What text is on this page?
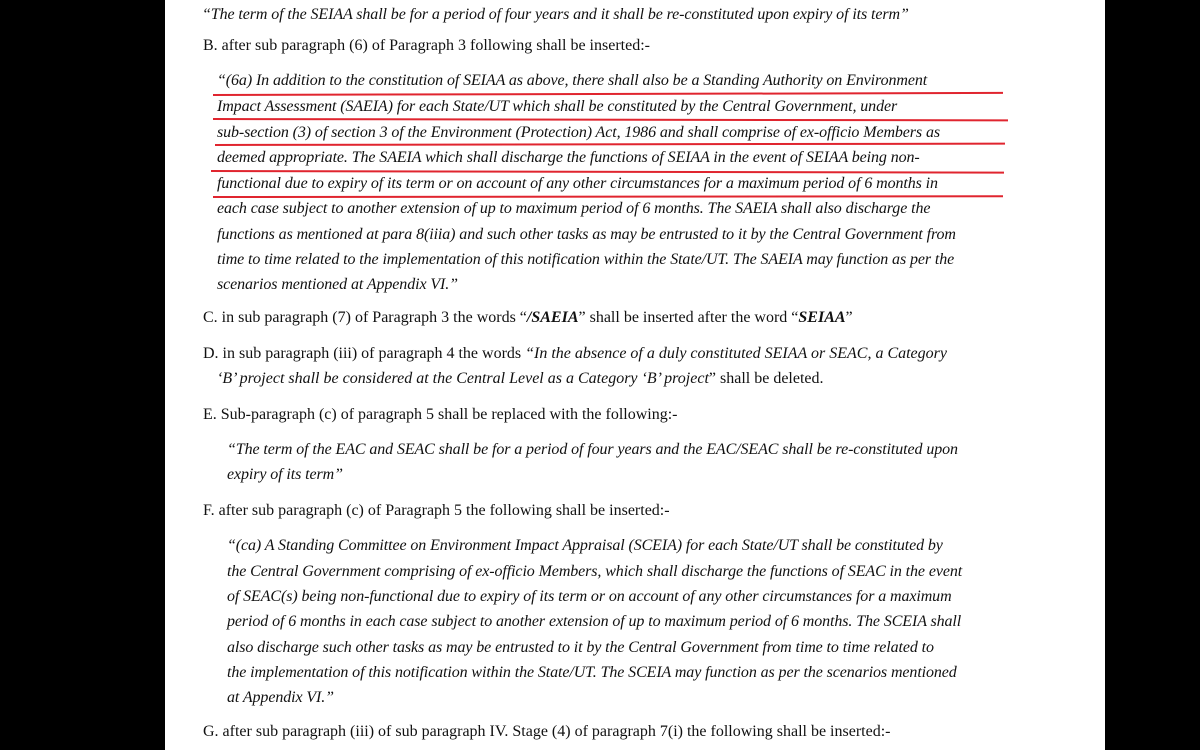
“The term of the SEIAA shall be for a period of four years and it shall be re-constituted upon expiry of its term”
B. after sub paragraph (6) of Paragraph 3 following shall be inserted:-
“(6a) In addition to the constitution of SEIAA as above, there shall also be a Standing Authority on Environment
Impact Assessment (SAEIA) for each State/UT which shall be constituted by the Central Government, under
sub-section (3) of section 3 of the Environment (Protection) Act, 1986 and shall comprise of ex-officio Members as
deemed appropriate. The SAEIA which shall discharge the functions of SEIAA in the event of SEIAA being non-
functional due to expiry of its term or on account of any other circumstances for a maximum period of 6 months in
each case subject to another extension of up to maximum period of 6 months. The SAEIA shall also discharge the
functions as mentioned at para 8(iiia) and such other tasks as may be entrusted to it by the Central Government from
time to time related to the implementation of this notification within the State/UT. The SAEIA may function as per the
scenarios mentioned at Appendix VI.”
C. in sub paragraph (7) of Paragraph 3 the words “/SAEIA” shall be inserted after the word “SEIAA”
D. in sub paragraph (iii) of paragraph 4 the words “In the absence of a duly constituted SEIAA or SEAC, a Category
‘B’ project shall be considered at the Central Level as a Category ‘B’ project” shall be deleted.
E. Sub-paragraph (c) of paragraph 5 shall be replaced with the following:-
“The term of the EAC and SEAC shall be for a period of four years and the EAC/SEAC shall be re-constituted upon
expiry of its term”
F. after sub paragraph (c) of Paragraph 5 the following shall be inserted:-
“(ca) A Standing Committee on Environment Impact Appraisal (SCEIA) for each State/UT shall be constituted by
the Central Government comprising of ex-officio Members, which shall discharge the functions of SEAC in the event
of SEAC(s) being non-functional due to expiry of its term or on account of any other circumstances for a maximum
period of 6 months in each case subject to another extension of up to maximum period of 6 months. The SCEIA shall
also discharge such other tasks as may be entrusted to it by the Central Government from time to time related to
the implementation of this notification within the State/UT. The SCEIA may function as per the scenarios mentioned
at Appendix VI.”
G. after sub paragraph (iii) of sub paragraph IV. Stage (4) of paragraph 7(i) the following shall be inserted:-
